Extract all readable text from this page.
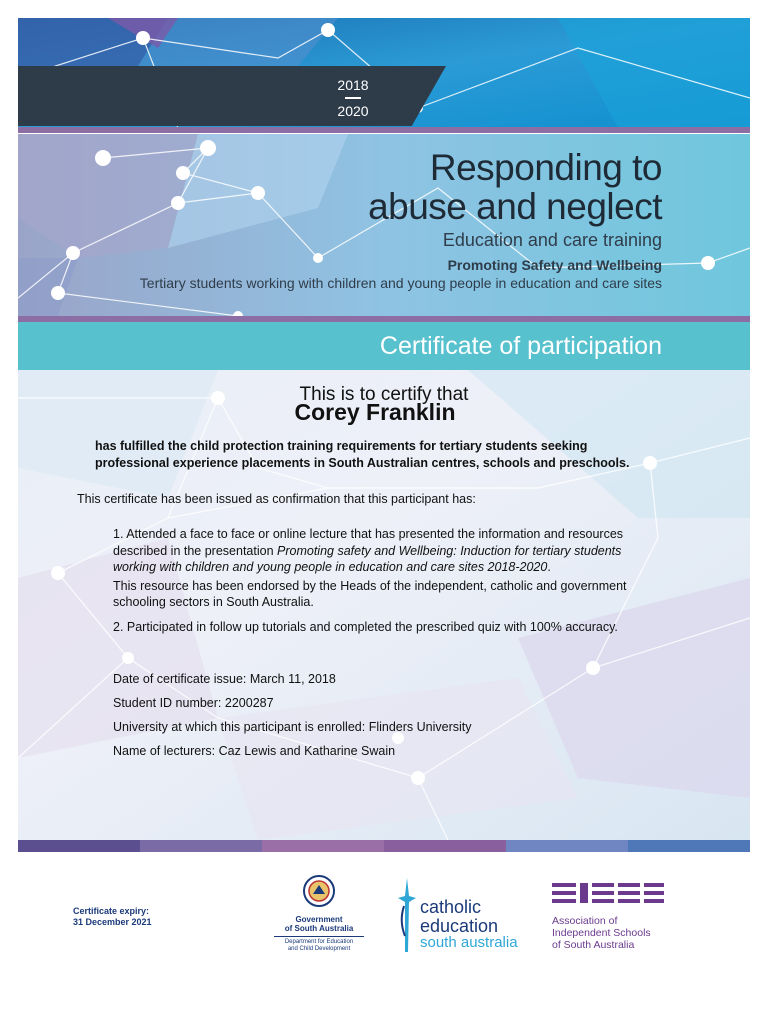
2018
2020
Responding to
abuse and neglect
Education and care training
Promoting Safety and Wellbeing
Tertiary students working with children and young people in education and care sites
Certificate of participation
This is to certify that
Corey Franklin
has fulfilled the child protection training requirements for tertiary students seeking professional experience placements in South Australian centres, schools and preschools.
This certificate has been issued as confirmation that this participant has:

1. Attended a face to face or online lecture that has presented the information and resources described in the presentation Promoting safety and Wellbeing: Induction for tertiary students working with children and young people in education and care sites 2018-2020.

This resource has been endorsed by the Heads of the independent, catholic and government schooling sectors in South Australia.

2. Participated in follow up tutorials and completed the prescribed quiz with 100% accuracy.

Date of certificate issue: March 11, 2018
Student ID number: 2200287
University at which this participant is enrolled: Flinders University
Name of lecturers: Caz Lewis and Katharine Swain
Certificate expiry:
31 December 2021	Government
of South Australia
Department for Education
and Child Development
catholic
education
south australia
Association of
Independent Schools
of South Australia
